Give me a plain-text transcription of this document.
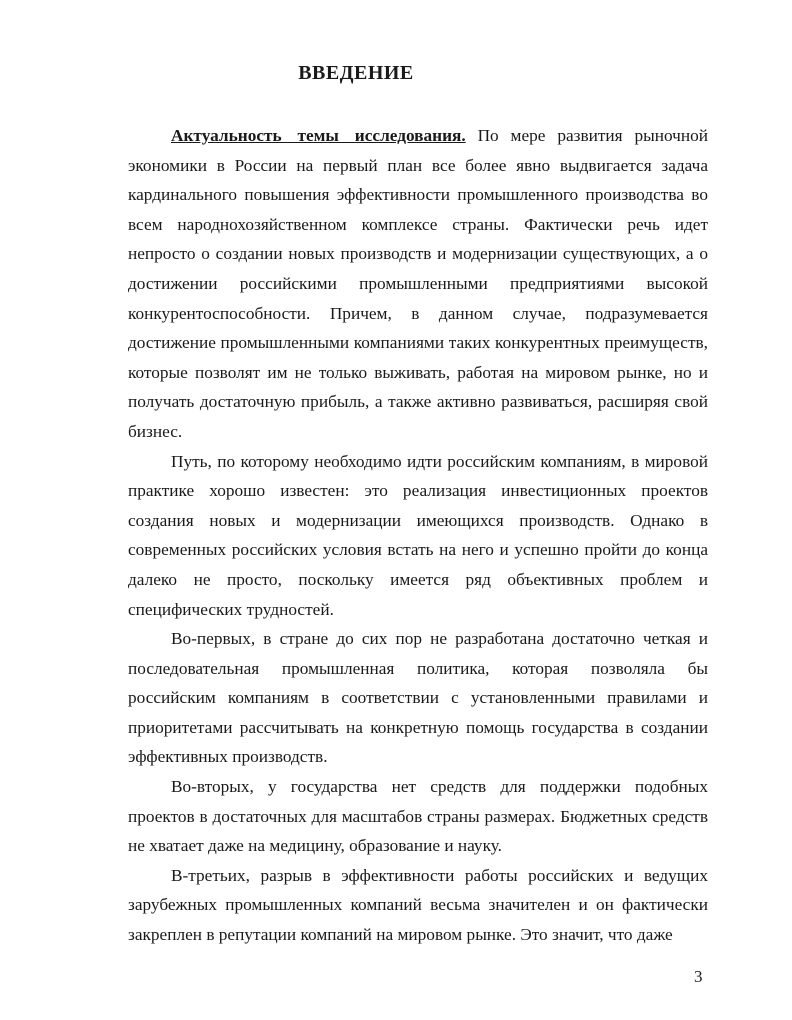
ВВЕДЕНИЕ

Актуальность темы исследования. По мере развития рыночной экономики в России на первый план все более явно выдвигается задача кардинального повышения эффективности промышленного производства во всем народнохозяйственном комплексе страны. Фактически речь идет непросто о создании новых производств и модернизации существующих, а о достижении российскими промышленными предприятиями высокой конкурентоспособности. Причем, в данном случае, подразумевается достижение промышленными компаниями таких конкурентных преимуществ, которые позволят им не только выживать, работая на мировом рынке, но и получать достаточную прибыль, а также активно развиваться, расширяя свой бизнес.

Путь, по которому необходимо идти российским компаниям, в мировой практике хорошо известен: это реализация инвестиционных проектов создания новых и модернизации имеющихся производств. Однако в современных российских условия встать на него и успешно пройти до конца далеко не просто, поскольку имеется ряд объективных проблем и специфических трудностей.

Во-первых, в стране до сих пор не разработана достаточно четкая и последовательная промышленная политика, которая позволяла бы российским компаниям в соответствии с установленными правилами и приоритетами рассчитывать на конкретную помощь государства в создании эффективных производств.

Во-вторых, у государства нет средств для поддержки подобных проектов в достаточных для масштабов страны размерах. Бюджетных средств не хватает даже на медицину, образование и науку.

В-третьих, разрыв в эффективности работы российских и ведущих зарубежных промышленных компаний весьма значителен и он фактически закреплен в репутации компаний на мировом рынке. Это значит, что даже

3
